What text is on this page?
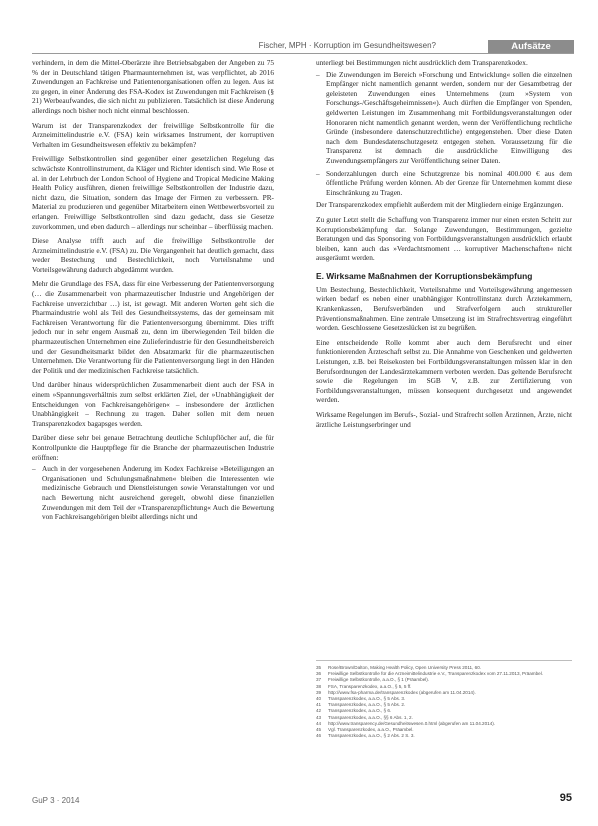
Fischer, MPH · Korruption im Gesundheitswesen?	Aufsätze

verhindern, in dem die Mittel-Oberärzte ihre Betriebsabgaben der Angeben zu 75 % der in Deutschland tätigen Pharmaunternehmen ist, was verpflichtet, ab 2016 Zuwendungen an Fachkreise und Patientenorganisationen offen zu legen. Aus ist zu gegen, in einer Änderung des FSA-Kodex ist Zuwendungen mit Fachkreisen (§ 21) Werbeaufwandes, die sich nicht zu publizieren. Tatsächlich ist diese Änderung allerdings noch bisher noch nicht einmal beschlossen.

Warum ist der Transparenzkodex der freiwillige Selbstkontrolle für die Arzneimittelindustrie e.V. (FSA) kein wirksames Instrument, der korruptiven Verhalten im Gesundheitswesen effektiv zu bekämpfen?

Freiwillige Selbstkontrollen sind gegenüber einer gesetzlichen Regelung das schwächste Kontrollinstrument, da Kläger und Richter identisch sind. Wie Rose et al. in der Lehrbuch der London School of Hygiene and Tropical Medicine Making Health Policy ausführen, dienen freiwillige Selbstkontrollen der Industrie dazu, nicht dazu, die Situation, sondern das Image der Firmen zu verbessern. PR-Material zu produzieren und gegenüber Mitarbeitern einen Wettbewerbsvorteil zu erlangen. Freiwillige Selbstkontrollen sind dazu gedacht, dass sie Gesetze zuvorkommen, und eben dadurch – allerdings nur scheinbar – überflüssig machen.

Diese Analyse trifft auch auf die freiwillige Selbstkontrolle der Arzneimittelindustrie e.V. (FSA) zu. Die Vergangenheit hat deutlich gemacht, dass weder Bestechung und Bestechlichkeit, noch Vorteilsnahme und Vorteilsgewährung dadurch abgedämmt wurden.

Mehr die Grundlage des FSA, dass für eine Verbesserung der Patientenversorgung (… die Zusammenarbeit von pharmazeutischer Industrie und Angehörigen der Fachkreise unverzichtbar …) ist, ist gewagt. Mit anderen Worten geht sich die Pharmaindustrie wohl als Teil des Gesundheitssystems, das der gemeinsam mit Fachkreisen Verantwortung für die Patientenversorgung übernimmt. Dies trifft jedoch nur in sehr engem Ausmaß zu, denn im überwiegenden Teil bilden die pharmazeutischen Unternehmen eine Zulieferindustrie für den Gesundheitsbereich und der Gesundheitsmarkt bildet den Absatzmarkt für die pharmazeutischen Unternehmen. Die Verantwortung für die Patientenversorgung liegt in den Händen der Politik und der medizinischen Fachkreise tatsächlich.

Und darüber hinaus widersprüchlichen Zusammenarbeit dient auch der FSA in einem »Spannungsverhältnis zum selbst erklärten Ziel, der »Unabhängigkeit der Entscheidungen von Fachkreisangehörigen« – insbesondere der ärztlichen Unabhängigkeit – Rechnung zu tragen. Daher sollen mit dem neuen Transparenzkodex bagapsges werden.

Darüber diese sehr bei genaue Betrachtung deutliche Schlupflöcher auf, die für Kontrollpunkte die Hauptpflege für die Branche der pharmazeutischen Industrie eröffnen:

– Auch in der vorgesehenen Änderung im Kodex Fachkreise »Beteiligungen an Organisationen und Schulungsmaßnahmen« bleiben die Interessenten wie medizinische Gebrauch und Dienstleistungen sowie Veranstaltungen vor und nach Bewertung nicht ausreichend geregelt, obwohl diese finanziellen Zuwendungen mit dem Teil der »Transparenzpflichtung« Auch die Bewertung von Fachkreisangehörigen bleibt allerdings nicht und

unterliegt bei Bestimmungen nicht ausdrücklich dem Transparenzkodex.

– Die Zuwendungen im Bereich »Forschung und Entwicklung« sollen die einzelnen Empfänger nicht namentlich genannt werden, sondern nur der Gesamtbetrag der geleisteten Zuwendungen eines Unternehmens (zum »System von Forschungs-/Geschäftsgeheimnissen«). Auch dürften die Empfänger von Spenden, geldwerten Leistungen im Zusammenhang mit Fortbildungsveranstaltungen oder Honoraren nicht namentlich genannt werden, wenn der Veröffentlichung rechtliche Gründe (insbesondere datenschutzrechtliche) entgegenstehen. Über diese Daten nach dem Bundesdatenschutzgesetz entgegen stehen. Voraussetzung für die Transparenz ist demnach die ausdrückliche Einwilligung des Zuwendungsempfängers zur Veröffentlichung seiner Daten.
– Sonderzahlungen durch eine Schutzgrenze bis nominal 400.000 € aus dem öffentliche Prüfung werden können. Ab der Grenze für Unternehmen kommt diese Einschränkung zu Tragen.

Der Transparenzkodex empfiehlt außerdem mit der Mitgliedern einige Ergänzungen.

Zu guter Letzt stellt die Schaffung von Transparenz immer nur einen ersten Schritt zur Korruptionsbekämpfung dar. Solange Zuwendungen, Bestimmungen, gezielte Beratungen und das Sponsoring von Fortbildungsveranstaltungen ausdrücklich erlaubt bleiben, kann auch das »Verdachtsmoment … korruptiver Machenschaften« nicht ausgeräumt werden.

E. Wirksame Maßnahmen der Korruptionsbekämpfung

Um Bestechung, Bestechlichkeit, Vorteilsnahme und Vorteilsgewährung angemessen wirken bedarf es neben einer unabhängiger Kontrollinstanz durch Ärztekammern, Krankenkassen, Berufsverbänden und Strafverfolgern auch struktureller Präventionsmaßnahmen. Eine zentrale Umsetzung ist im Strafrechtsvertrag eingeführt worden. Geschlossene Gesetzeslücken ist zu begrüßen.

Eine entscheidende Rolle kommt aber auch dem Berufsrecht und einer funktionierenden Ärzteschaft selbst zu. Die Annahme von Geschenken und geldwerten Leistungen, z.B. bei Reisekosten bei Fortbildungsveranstaltungen müssen klar in den Berufsordnungen der Landesärztekammern verboten werden. Das geltende Berufsrecht sowie die Regelungen im SGB V, z.B. zur Zertifizierung von Fortbildungsveranstaltungen, müssen konsequent durchgesetzt und angewendet werden.

Wirksame Regelungen im Berufs-, Sozial- und Strafrecht sollen Ärztinnen, Ärzte, nicht ärztliche Leistungserbringer und

35	Rose/Brown/Dalton, Making Health Policy, Open University Press 2011, 60.
36	Freiwillige Selbstkontrolle für die Arzneimittelindustrie e.V., Transparenzkodex vom 27.11.2013, Präambel.
37	Freiwillige Selbstkontrolle, a.a.O., § 1 (Präambel).
38	FSA, Transparenzkodex, a.a.O., § 5, 5 ff.
39	http://www.fsa-pharma.de/transparenzkodex (abgerufen am 11.04.2014).
40	Transparenzkodex, a.a.O., § 5 Abs. 3.
41	Transparenzkodex, a.a.O., § 5 Abs. 2.
42	Transparenzkodex, a.a.O., § 6.
43	Transparenzkodex, a.a.O., §§ 6 Abs. 1, 2.
44	http://www.transparency.de/Gesundheitswesen.0.html (abgerufen am 11.04.2014).
45	Vgl. Transparenzkodex, a.a.O., Präambel.
46	Transparenzkodex, a.a.O., § 2 Abs. 2 S. 3.
GuP 3 · 2014	95
